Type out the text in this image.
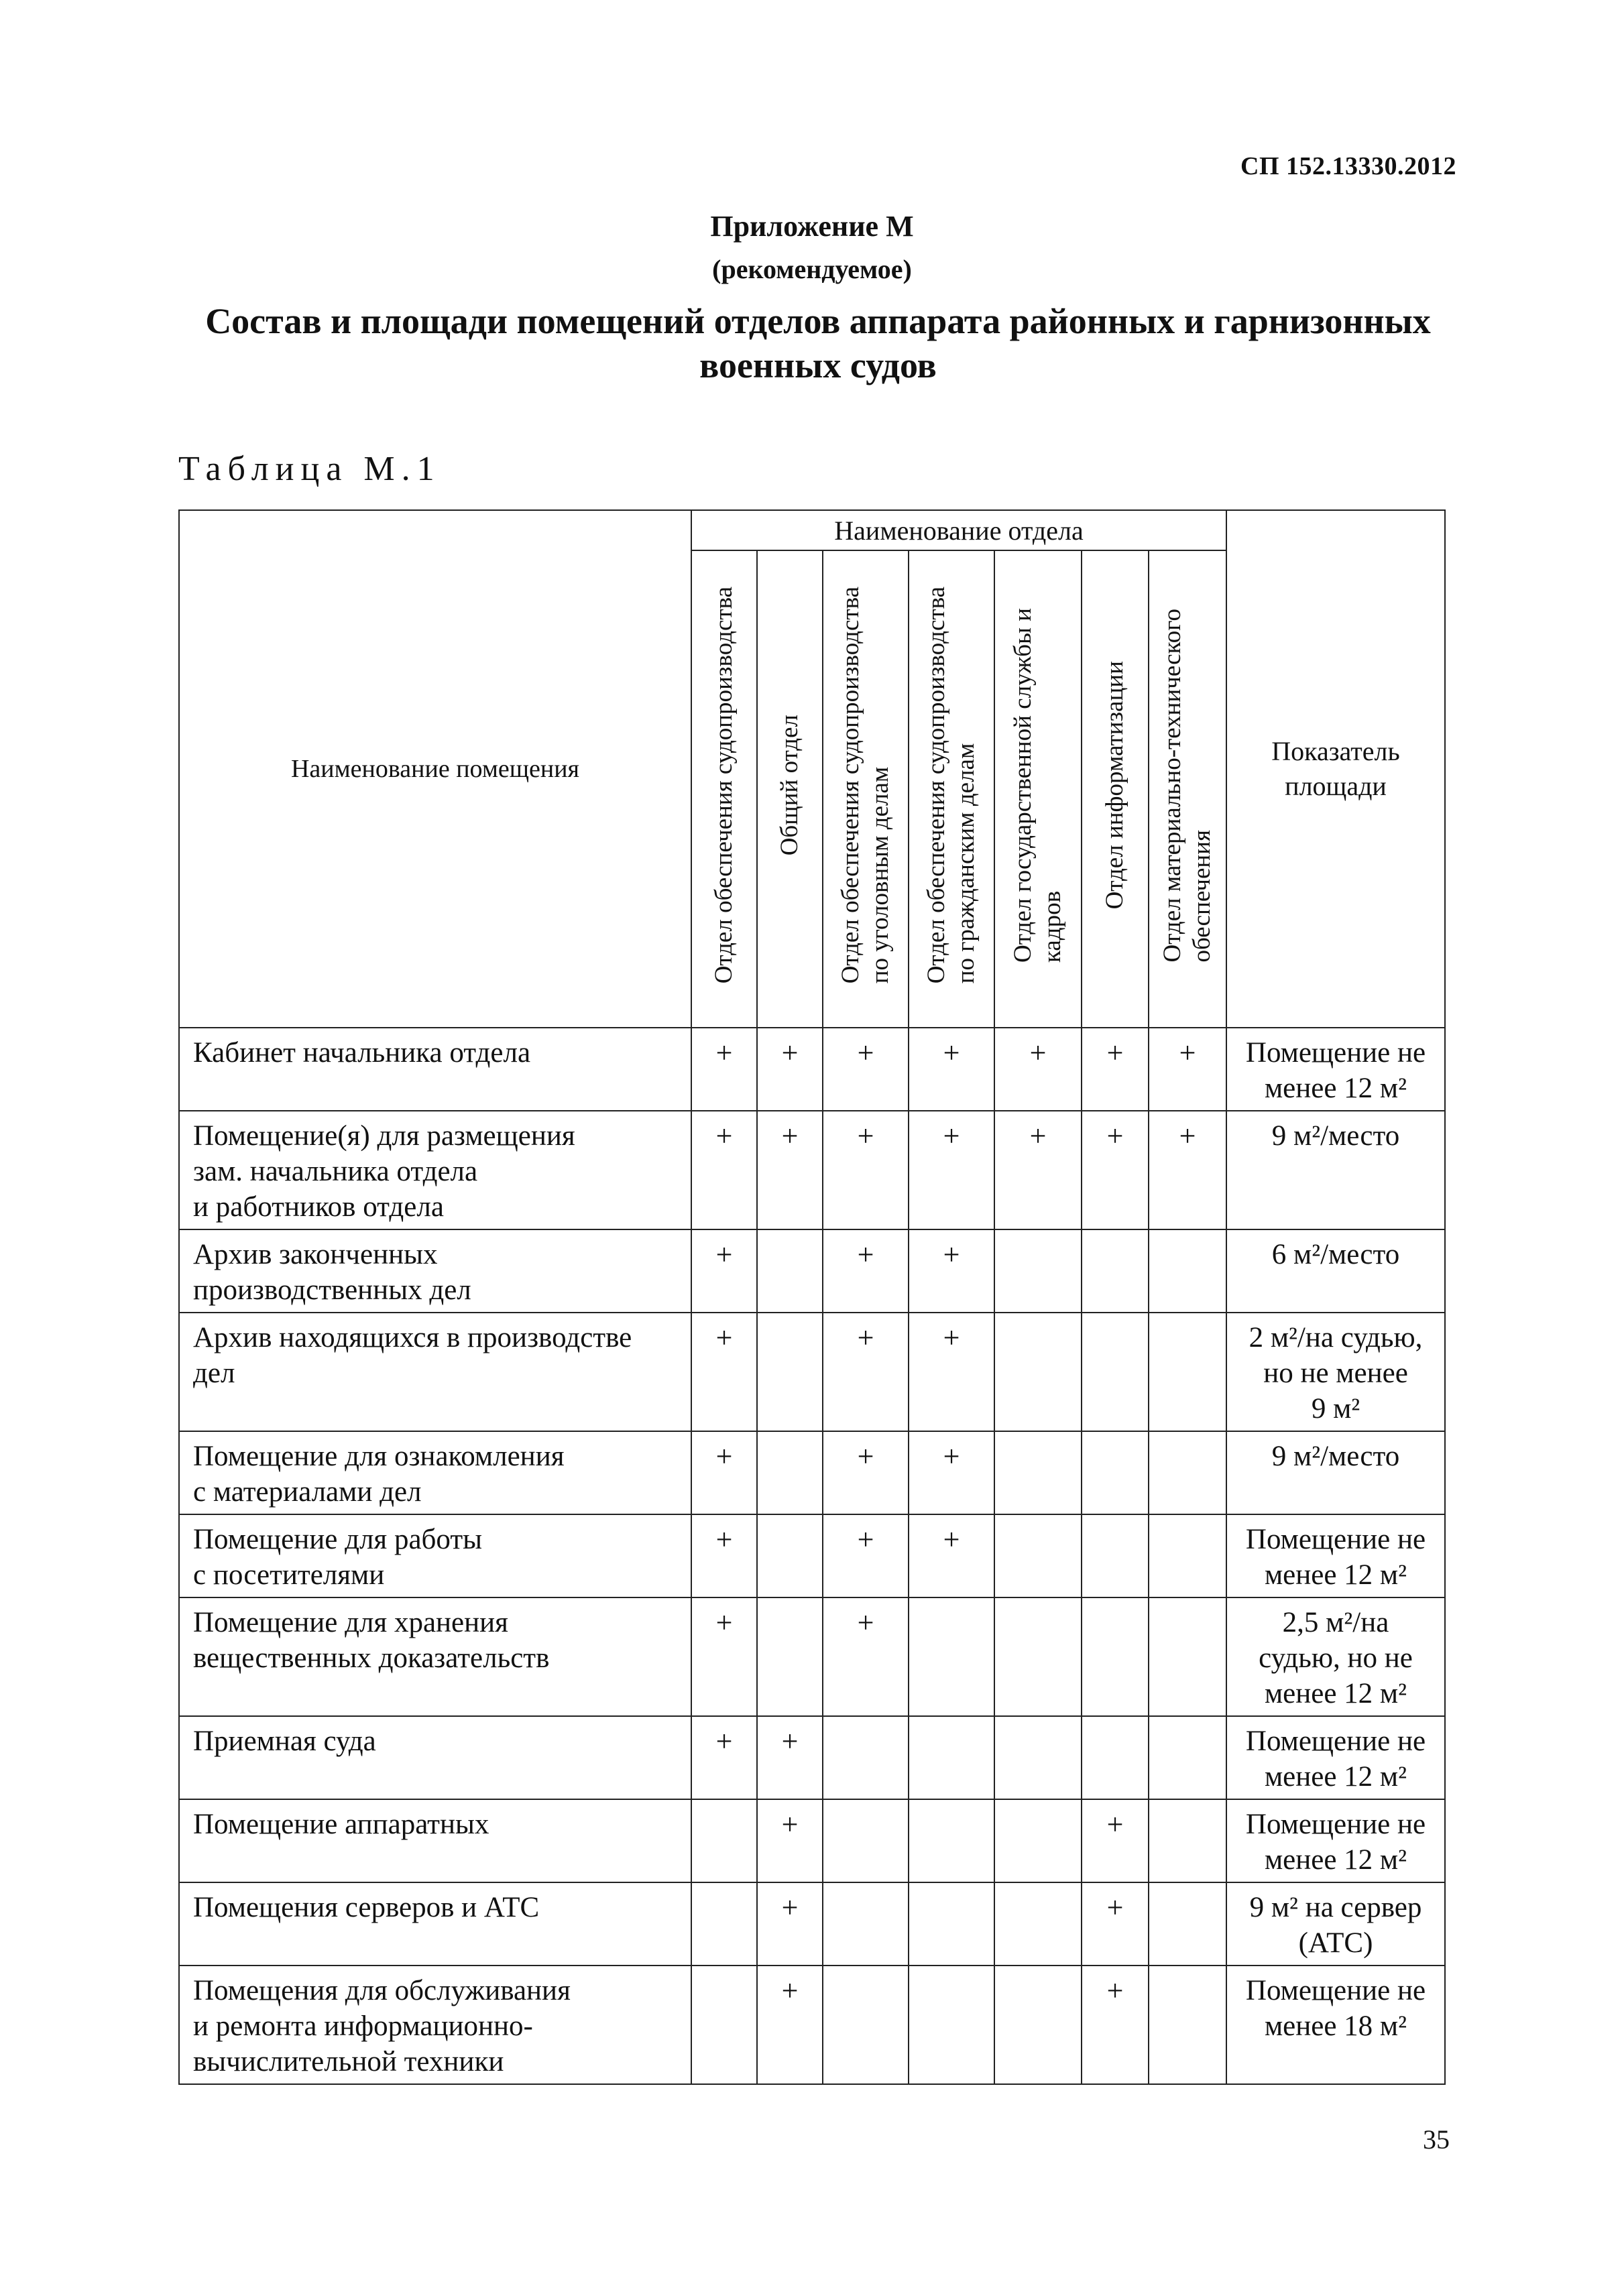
СП 152.13330.2012
Приложение М
(рекомендуемое)
Состав и площади помещений отделов аппарата районных и гарнизонных
военных судов
Таблица М.1
Наименование помещения	Наименование отдела							Показатель
площади
	Отдел обеспечения судопроизводства	Общий отдел	Отдел обеспечения судопроизводства
по уголовным делам	Отдел обеспечения судопроизводства
по гражданским делам	Отдел государственной службы и
кадров	Отдел информатизации	Отдел материально-технического
обеспечения	
Кабинет начальника отдела	+	+	+	+	+	+	+	Помещение не
менее 12 м²
Помещение(я) для размещения
зам. начальника отдела
и работников отдела	+	+	+	+	+	+	+	9 м²/место
Архив законченных
производственных дел	+		+	+				6 м²/место
Архив находящихся в производстве
дел	+		+	+				2 м²/на судью,
но не менее
9 м²
Помещение для ознакомления
с материалами дел	+		+	+				9 м²/место
Помещение для работы
с посетителями	+		+	+				Помещение не
менее 12 м²
Помещение для хранения
вещественных доказательств	+		+					2,5 м²/на
судью, но не
менее 12 м²
Приемная суда	+	+						Помещение не
менее 12 м²
Помещение аппаратных		+				+		Помещение не
менее 12 м²
Помещения серверов и АТС		+				+		9 м² на сервер
(АТС)
Помещения для обслуживания
и ремонта информационно-
вычислительной техники		+				+		Помещение не
менее 18 м²
35
